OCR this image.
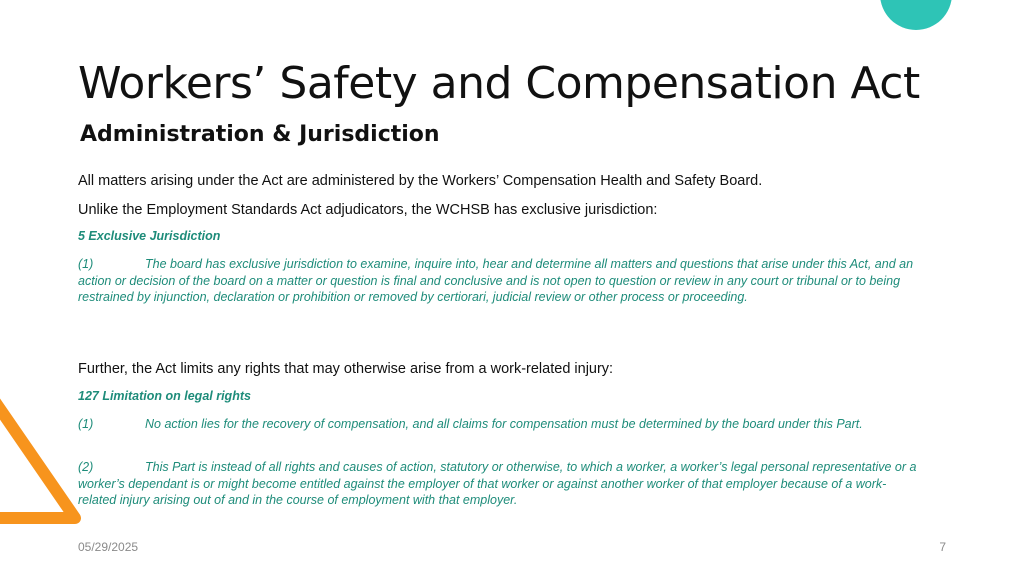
Workers’ Safety and Compensation Act
Administration & Jurisdiction
All matters arising under the Act are administered by the Workers’ Compensation Health and Safety Board.
Unlike the Employment Standards Act adjudicators, the WCHSB has exclusive jurisdiction:
5 Exclusive Jurisdiction
(1)	The board has exclusive jurisdiction to examine, inquire into, hear and determine all matters and questions that arise under this Act, and an action or decision of the board on a matter or question is final and conclusive and is not open to question or review in any court or tribunal or to being restrained by injunction, declaration or prohibition or removed by certiorari, judicial review or other process or proceeding.
Further, the Act limits any rights that may otherwise arise from a work-related injury:
127 Limitation on legal rights
(1)	No action lies for the recovery of compensation, and all claims for compensation must be determined by the board under this Part.
(2)	This Part is instead of all rights and causes of action, statutory or otherwise, to which a worker, a worker’s legal personal representative or a worker’s dependant is or might become entitled against the employer of that worker or against another worker of that employer because of a work-related injury arising out of and in the course of employment with that employer.
05/29/2025	7
